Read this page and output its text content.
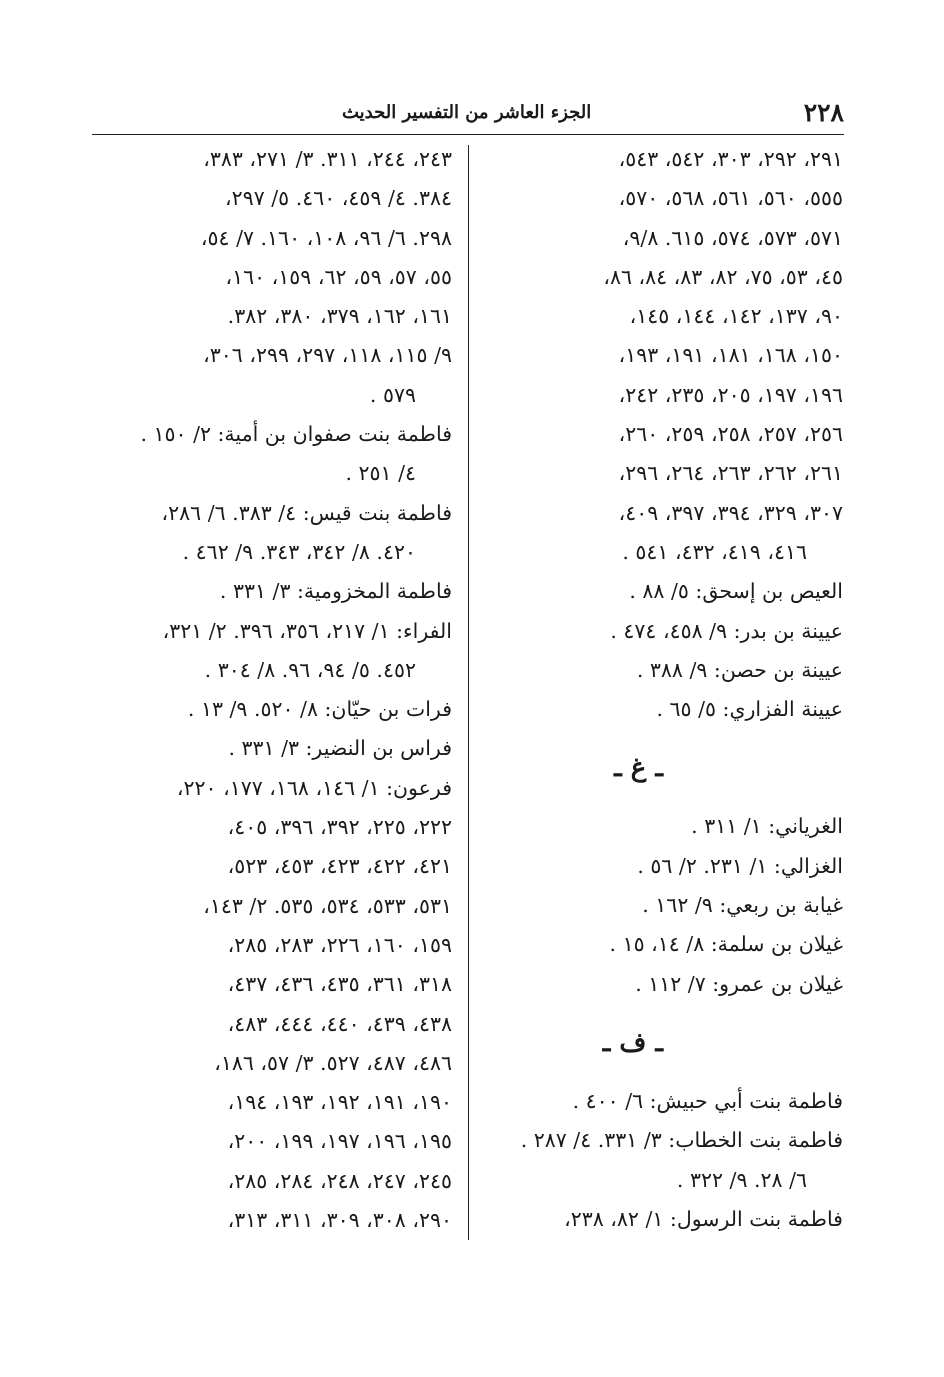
٢٢٨
الجزء العاشر من التفسير الحديث
٢٩١، ٢٩٢، ٣٠٣، ٥٤٢، ٥٤٣،
٥٥٥، ٥٦٠، ٥٦١، ٥٦٨، ٥٧٠،
٥٧١، ٥٧٣، ٥٧٤، ٦١٥. ٩/٨،
٤٥، ٥٣، ٧٥، ٨٢، ٨٣، ٨٤، ٨٦،
٩٠، ١٣٧، ١٤٢، ١٤٤، ١٤٥،
١٥٠، ١٦٨، ١٨١، ١٩١، ١٩٣،
١٩٦، ١٩٧، ٢٠٥، ٢٣٥، ٢٤٢،
٢٥٦، ٢٥٧، ٢٥٨، ٢٥٩، ٢٦٠،
٢٦١، ٢٦٢، ٢٦٣، ٢٦٤، ٢٩٦،
٣٠٧، ٣٢٩، ٣٩٤، ٣٩٧، ٤٠٩،
٤١٦، ٤١٩، ٤٣٢، ٥٤١ .
العيص بن إسحق: ٥/ ٨٨ .
عيينة بن بدر: ٩/ ٤٥٨، ٤٧٤ .
عيينة بن حصن: ٩/ ٣٨٨ .
عيينة الفزاري: ٥/ ٦٥ .
ـ غ ـ
الغرياني: ١/ ٣١١ .
الغزالي: ١/ ٢٣١. ٢/ ٥٦ .
غيابة بن ربعي: ٩/ ١٦٢ .
غيلان بن سلمة: ٨/ ١٤، ١٥ .
غيلان بن عمرو: ٧/ ١١٢ .
ـ ف ـ
فاطمة بنت أبي حبيش: ٦/ ٤٠٠ .
فاطمة بنت الخطاب: ٣/ ٣٣١. ٤/ ٢٨٧ .
٦/ ٢٨. ٩/ ٣٢٢ .
فاطمة بنت الرسول: ١/ ٨٢، ٢٣٨،
٢٤٣، ٢٤٤، ٣١١. ٣/ ٢٧١، ٣٨٣،
٣٨٤. ٤/ ٤٥٩، ٤٦٠. ٥/ ٢٩٧،
٢٩٨. ٦/ ٩٦، ١٠٨، ١٦٠. ٧/ ٥٤،
٥٥، ٥٧، ٥٩، ٦٢، ١٥٩، ١٦٠،
١٦١، ١٦٢، ٣٧٩، ٣٨٠، ٣٨٢.
٩/ ١١٥، ١١٨، ٢٩٧، ٢٩٩، ٣٠٦،
٥٧٩ .
فاطمة بنت صفوان بن أمية: ٢/ ١٥٠ .
٤/ ٢٥١ .
فاطمة بنت قيس: ٤/ ٣٨٣. ٦/ ٢٨٦،
٤٢٠. ٨/ ٣٤٢، ٣٤٣. ٩/ ٤٦٢ .
فاطمة المخزومية: ٣/ ٣٣١ .
الفراء: ١/ ٢١٧، ٣٥٦، ٣٩٦. ٢/ ٣٢١،
٤٥٢. ٥/ ٩٤، ٩٦. ٨/ ٣٠٤ .
فرات بن حيّان: ٨/ ٥٢٠. ٩/ ١٣ .
فراس بن النضير: ٣/ ٣٣١ .
فرعون: ١/ ١٤٦، ١٦٨، ١٧٧، ٢٢٠،
٢٢٢، ٢٢٥، ٣٩٢، ٣٩٦، ٤٠٥،
٤٢١، ٤٢٢، ٤٢٣، ٤٥٣، ٥٢٣،
٥٣١، ٥٣٣، ٥٣٤، ٥٣٥. ٢/ ١٤٣،
١٥٩، ١٦٠، ٢٢٦، ٢٨٣، ٢٨٥،
٣١٨، ٣٦١، ٤٣٥، ٤٣٦، ٤٣٧،
٤٣٨، ٤٣٩، ٤٤٠، ٤٤٤، ٤٨٣،
٤٨٦، ٤٨٧، ٥٢٧. ٣/ ٥٧، ١٨٦،
١٩٠، ١٩١، ١٩٢، ١٩٣، ١٩٤،
١٩٥، ١٩٦، ١٩٧، ١٩٩، ٢٠٠،
٢٤٥، ٢٤٧، ٢٤٨، ٢٨٤، ٢٨٥،
٢٩٠، ٣٠٨، ٣٠٩، ٣١١، ٣١٣،
